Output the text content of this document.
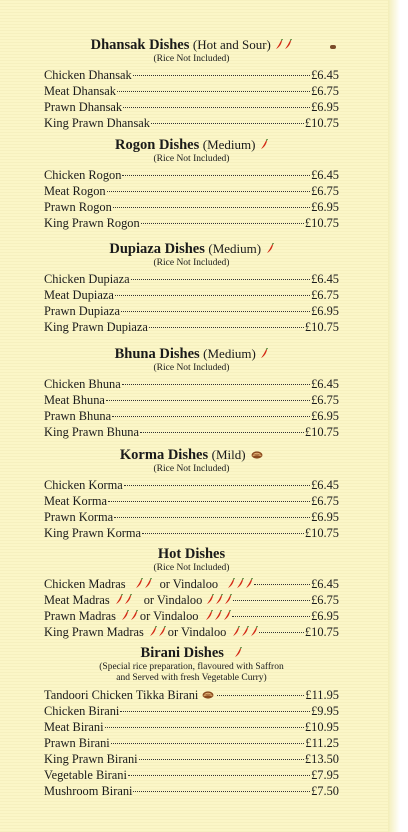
Dhansak Dishes (Hot and Sour)
(Rice Not Included)
Chicken Dhansak	£6.45
Meat Dhansak	£6.75
Prawn Dhansak	£6.95
King Prawn Dhansak	£10.75
Rogon Dishes (Medium)
(Rice Not Included)
Chicken Rogon	£6.45
Meat Rogon	£6.75
Prawn Rogon	£6.95
King Prawn Rogon	£10.75
Dupiaza Dishes (Medium)
(Rice Not Included)
Chicken Dupiaza	£6.45
Meat Dupiaza	£6.75
Prawn Dupiaza	£6.95
King Prawn Dupiaza	£10.75
Bhuna Dishes (Medium)
(Rice Not Included)
Chicken Bhuna	£6.45
Meat Bhuna	£6.75
Prawn Bhuna	£6.95
King Prawn Bhuna	£10.75
Korma Dishes (Mild)
(Rice Not Included)
Chicken Korma	£6.45
Meat Korma	£6.75
Prawn Korma	£6.95
King Prawn Korma	£10.75
Hot Dishes
(Rice Not Included)
Chicken Madras	or Vindaloo	£6.45
Meat Madras	or Vindaloo	£6.75
Prawn Madras or Vindaloo	£6.95
King Prawn Madras or Vindaloo	£10.75
Birani Dishes
(Special rice preparation, flavoured with Saffron
and Served with fresh Vegetable Curry)
Tandoori Chicken Tikka Birani	£11.95
Chicken Birani	£9.95
Meat Birani	£10.95
Prawn Birani	£11.25
King Prawn Birani	£13.50
Vegetable Birani	£7.95
Mushroom Birani	£7.50
